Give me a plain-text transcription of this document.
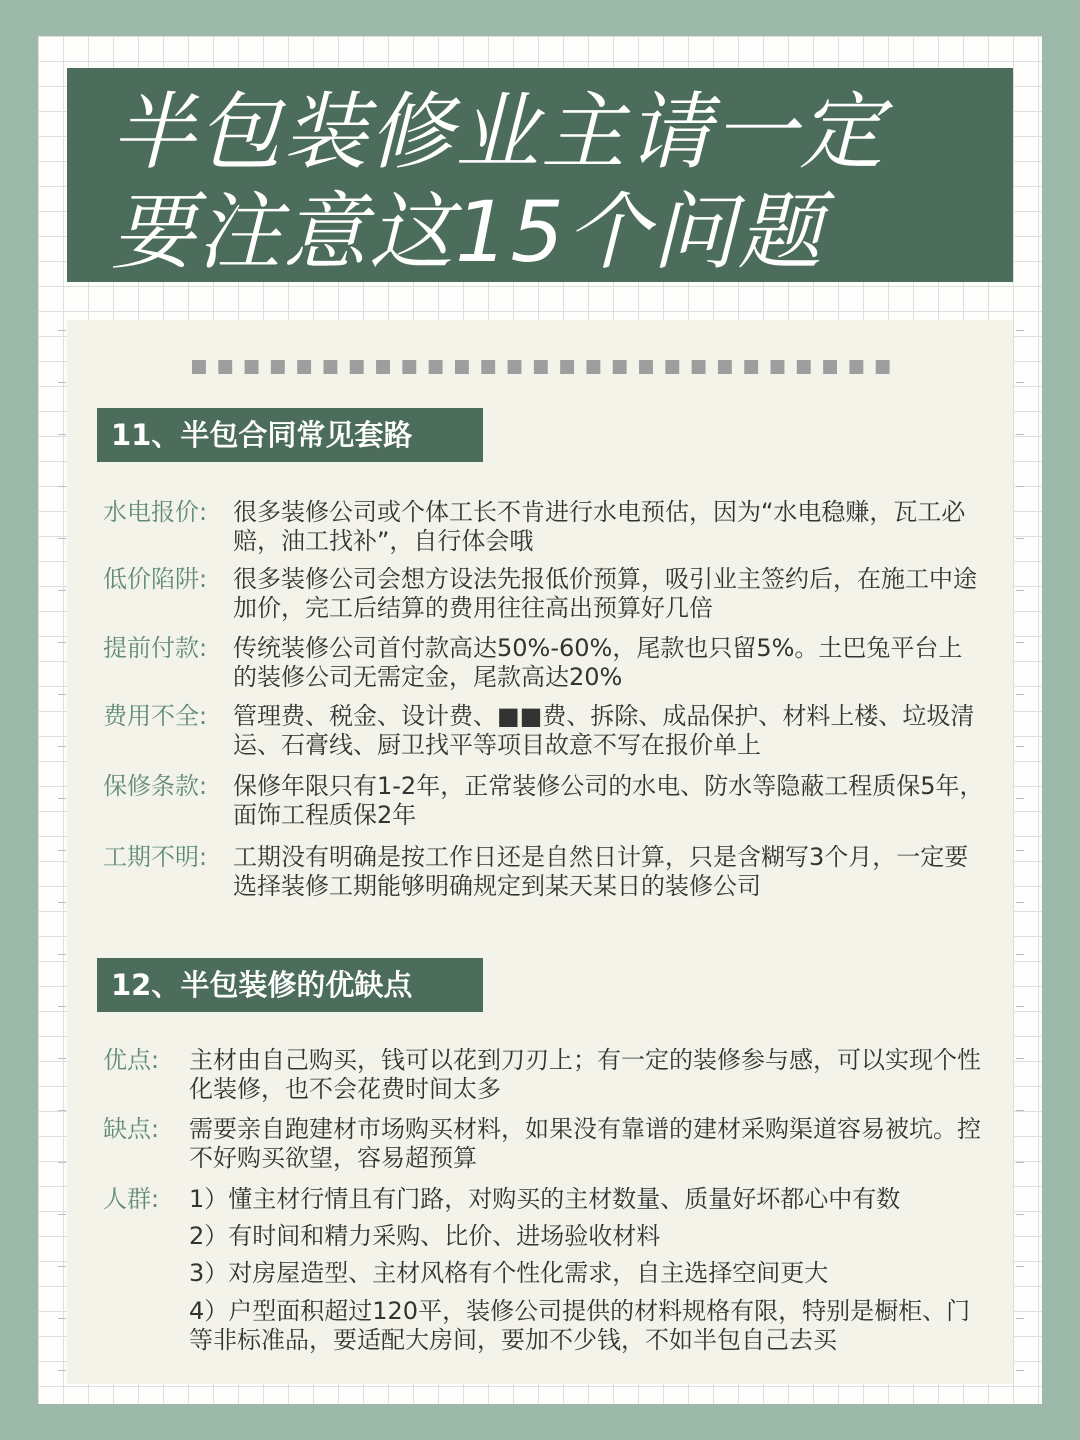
半包装修业主请一定
要注意这15个问题
11、半包合同常见套路
水电报价: 很多装修公司或个体工长不肯进行水电预估，因为“水电稳赚，瓦工必赔，油工找补”，自行体会哦
低价陷阱: 很多装修公司会想方设法先报低价预算，吸引业主签约后，在施工中途加价，完工后结算的费用往往高出预算好几倍
提前付款: 传统装修公司首付款高达50%-60%，尾款也只留5%。土巴兔平台上的装修公司无需定金，尾款高达20%
费用不全: 管理费、税金、设计费、■■费、拆除、成品保护、材料上楼、垃圾清运、石膏线、厨卫找平等项目故意不写在报价单上
保修条款: 保修年限只有1-2年，正常装修公司的水电、防水等隐蔽工程质保5年，面饰工程质保2年
工期不明: 工期没有明确是按工作日还是自然日计算，只是含糊写3个月，一定要选择装修工期能够明确规定到某天某日的装修公司
12、半包装修的优缺点
优点: 主材由自己购买，钱可以花到刀刃上；有一定的装修参与感，可以实现个性化装修，也不会花费时间太多
缺点: 需要亲自跑建材市场购买材料，如果没有靠谱的建材采购渠道容易被坑。控不好购买欲望，容易超预算
人群: 1）懂主材行情且有门路，对购买的主材数量、质量好坏都心中有数
2）有时间和精力采购、比价、进场验收材料
3）对房屋造型、主材风格有个性化需求，自主选择空间更大
4）户型面积超过120平，装修公司提供的材料规格有限，特别是橱柜、门等非标准品，要适配大房间，要加不少钱，不如半包自己去买
